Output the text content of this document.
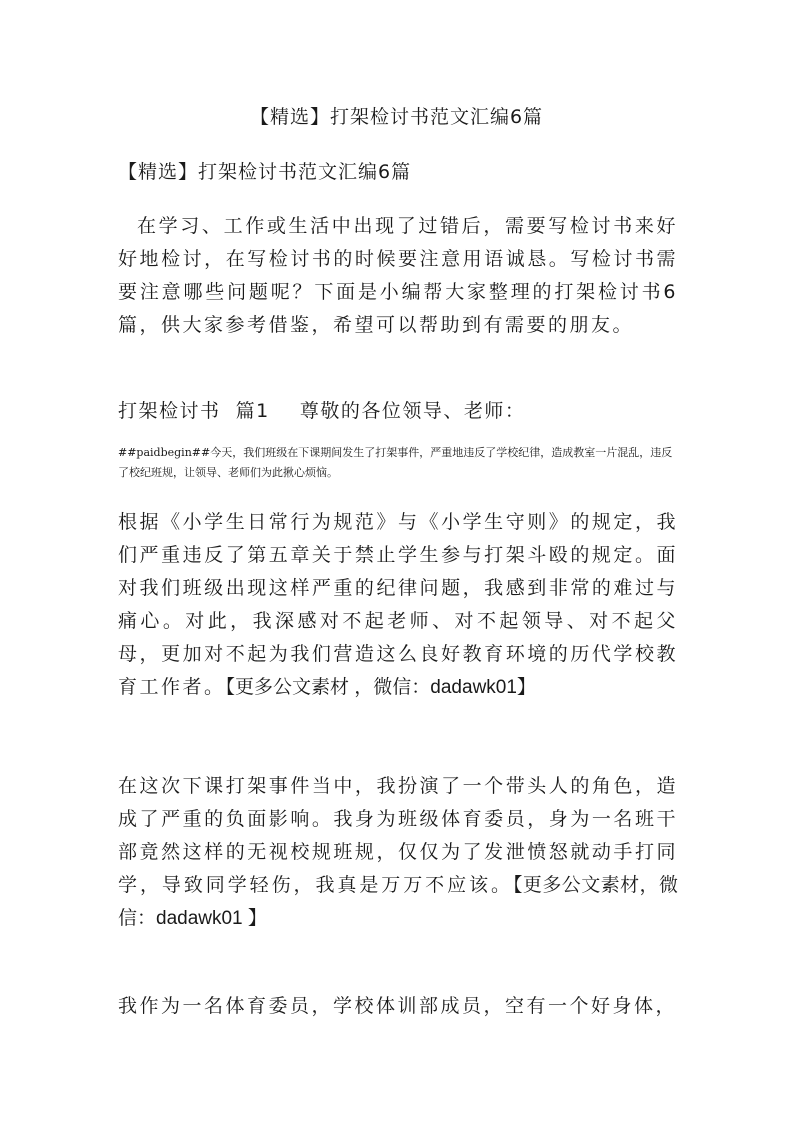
【精选】打架检讨书范文汇编6篇
【精选】打架检讨书范文汇编6篇

在学习、工作或生活中出现了过错后，需要写检讨书来好好地检讨，在写检讨书的时候要注意用语诚恳。写检讨书需要注意哪些问题呢？下面是小编帮大家整理的打架检讨书6篇，供大家参考借鉴，希望可以帮助到有需要的朋友。

打架检讨书  篇1    尊敬的各位领导、老师：

##paidbegin##今天，我们班级在下课期间发生了打架事件，严重地违反了学校纪律，造成教室一片混乱，违反了校纪班规，让领导、老师们为此揪心烦恼。

根据《小学生日常行为规范》与《小学生守则》的规定，我们严重违反了第五章关于禁止学生参与打架斗殴的规定。面对我们班级出现这样严重的纪律问题，我感到非常的难过与痛心。对此，我深感对不起老师、对不起领导、对不起父母，更加对不起为我们营造这么良好教育环境的历代学校教育工作者。【更多公文素材 ，微信：dadawk01】

在这次下课打架事件当中，我扮演了一个带头人的角色，造成了严重的负面影响。我身为班级体育委员，身为一名班干部竟然这样的无视校规班规，仅仅为了发泄愤怒就动手打同学，导致同学轻伤，我真是万万不应该。【更多公文素材，微信：dadawk01 】

我作为一名体育委员，学校体训部成员，空有一个好身体，
